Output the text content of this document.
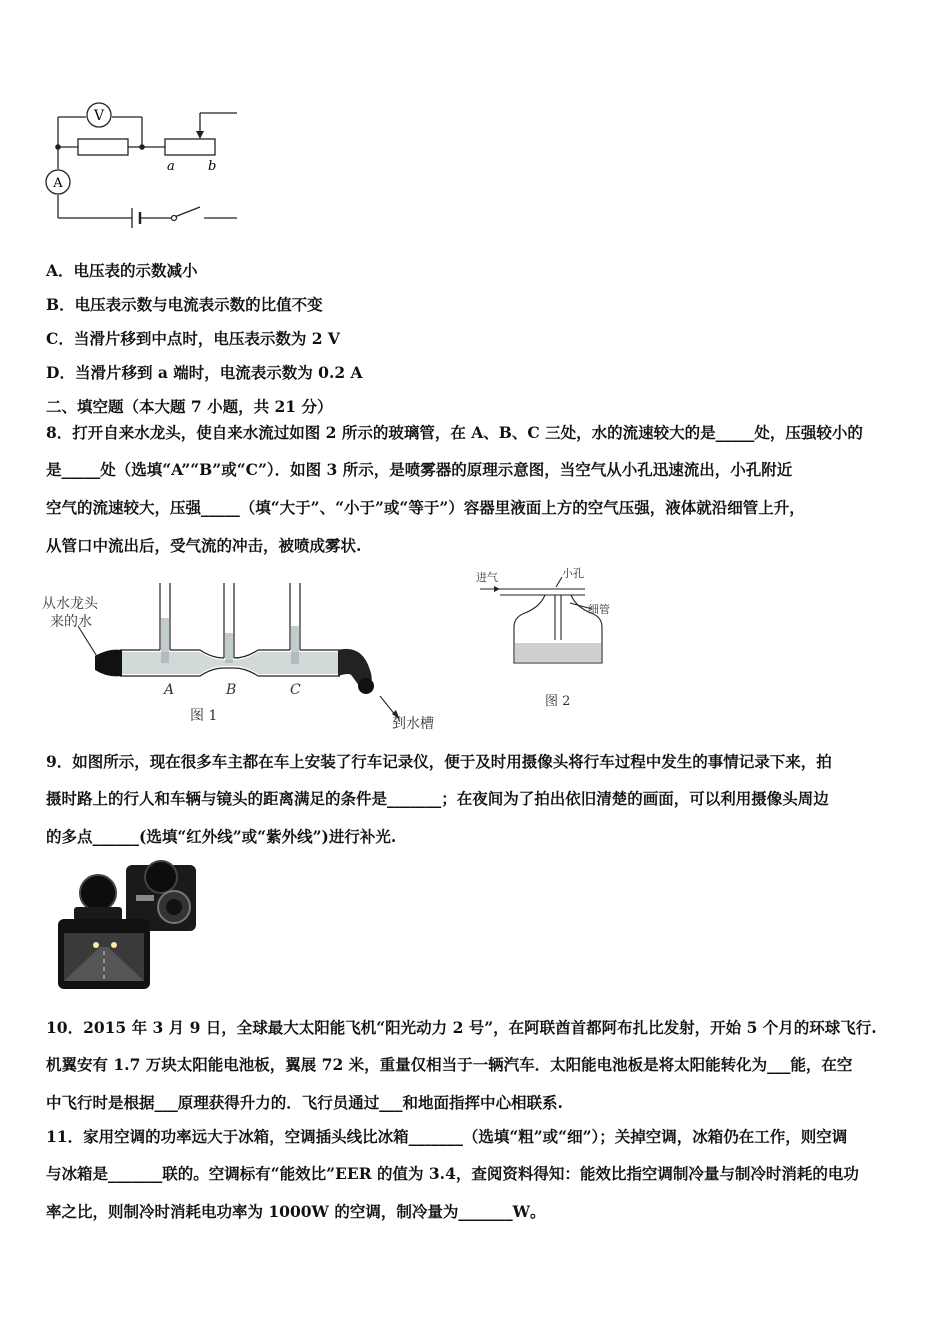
V
A
a	b
A．电压表的示数减小
B．电压表示数与电流表示数的比值不变
C．当滑片移到中点时，电压表示数为 2 V
D．当滑片移到 a 端时，电流表示数为 0.2 A
二、填空题（本大题 7 小题，共 21 分）
8．打开自来水龙头，使自来水流过如图 2 所示的玻璃管，在 A、B、C 三处，水的流速较大的是_____处，压强较小的
是_____处（选填“A”“B”或“C”）．如图 3 所示，是喷雾器的原理示意图，当空气从小孔迅速流出，小孔附近
空气的流速较大，压强_____（填“大于”、“小于”或“等于”）容器里液面上方的空气压强，液体就沿细管上升，
从管口中流出后，受气流的冲击，被喷成雾状.
从水龙头
来的水
A	B	C
图 1	到水槽
进气	小孔
细管
图 2
9．如图所示，现在很多车主都在车上安装了行车记录仪，便于及时用摄像头将行车过程中发生的事情记录下来，拍
摄时路上的行人和车辆与镜头的距离满足的条件是_______；在夜间为了拍出依旧清楚的画面，可以利用摄像头周边
的多点______(选填“红外线”或“紫外线”)进行补光.
10．2015 年 3 月 9 日，全球最大太阳能飞机“阳光动力 2 号”，在阿联酋首都阿布扎比发射，开始 5 个月的环球飞行.
机翼安有 1.7 万块太阳能电池板，翼展 72 米，重量仅相当于一辆汽车．太阳能电池板是将太阳能转化为___能，在空
中飞行时是根据___原理获得升力的．飞行员通过___和地面指挥中心相联系.
11．家用空调的功率远大于冰箱，空调插头线比冰箱_______（选填“粗”或“细”）；关掉空调，冰箱仍在工作，则空调
与冰箱是_______联的。空调标有“能效比”EER 的值为 3.4，查阅资料得知：能效比指空调制冷量与制冷时消耗的电功
率之比，则制冷时消耗电功率为 1000W 的空调，制冷量为_______W。
